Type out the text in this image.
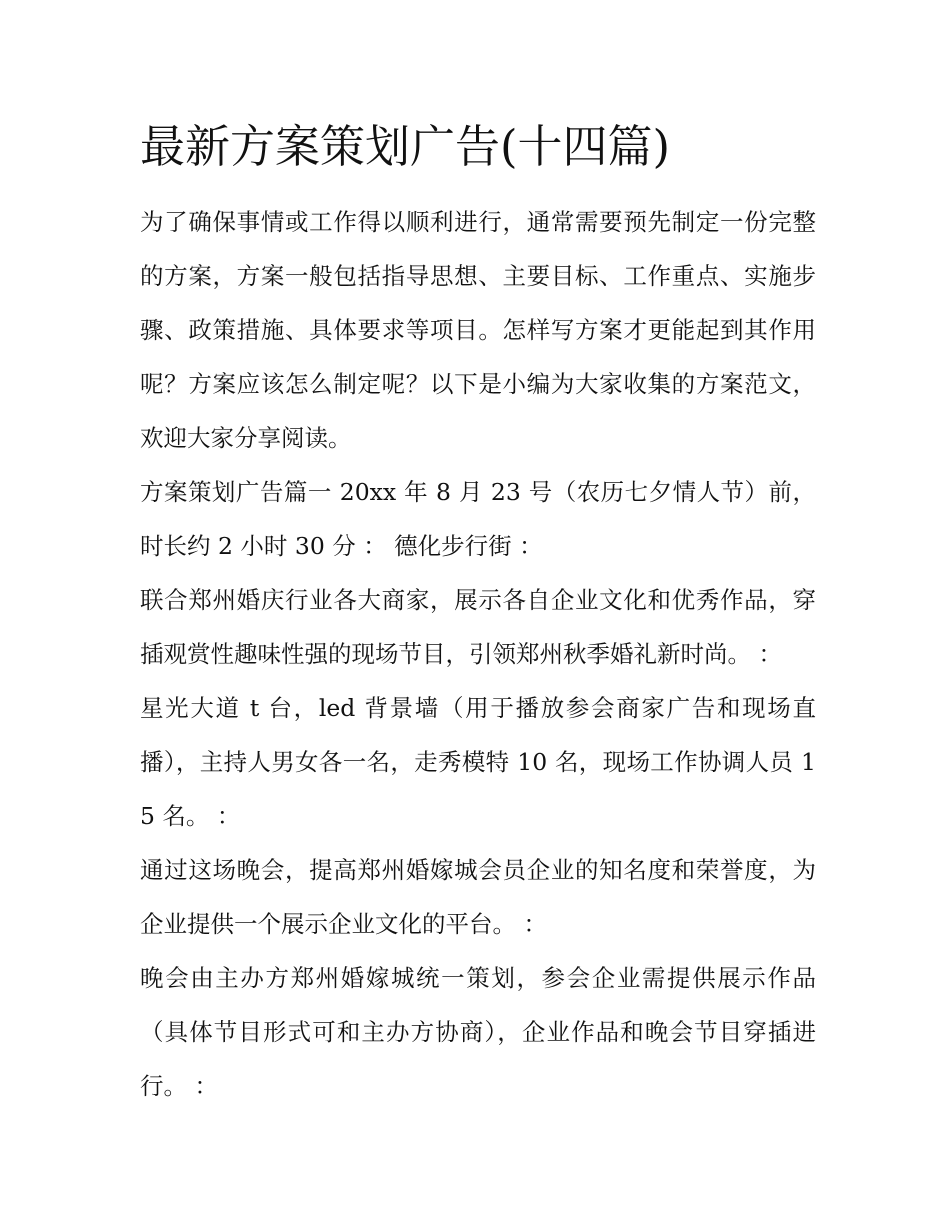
最新方案策划广告(十四篇)

为了确保事情或工作得以顺利进行，通常需要预先制定一份完整的方案，方案一般包括指导思想、主要目标、工作重点、实施步骤、政策措施、具体要求等项目。怎样写方案才更能起到其作用呢？方案应该怎么制定呢？以下是小编为大家收集的方案范文，欢迎大家分享阅读。

方案策划广告篇一 20xx 年 8 月 23 号（农历七夕情人节）前，时长约 2 小时 30 分 ： 德化步行街 ：

联合郑州婚庆行业各大商家，展示各自企业文化和优秀作品，穿插观赏性趣味性强的现场节目，引领郑州秋季婚礼新时尚。 ：

星光大道 t 台，led 背景墙（用于播放参会商家广告和现场直播），主持人男女各一名，走秀模特 10 名，现场工作协调人员 15 名。 ：

通过这场晚会，提高郑州婚嫁城会员企业的知名度和荣誉度，为企业提供一个展示企业文化的平台。 ：

晚会由主办方郑州婚嫁城统一策划，参会企业需提供展示作品（具体节目形式可和主办方协商），企业作品和晚会节目穿插进行。 ：
